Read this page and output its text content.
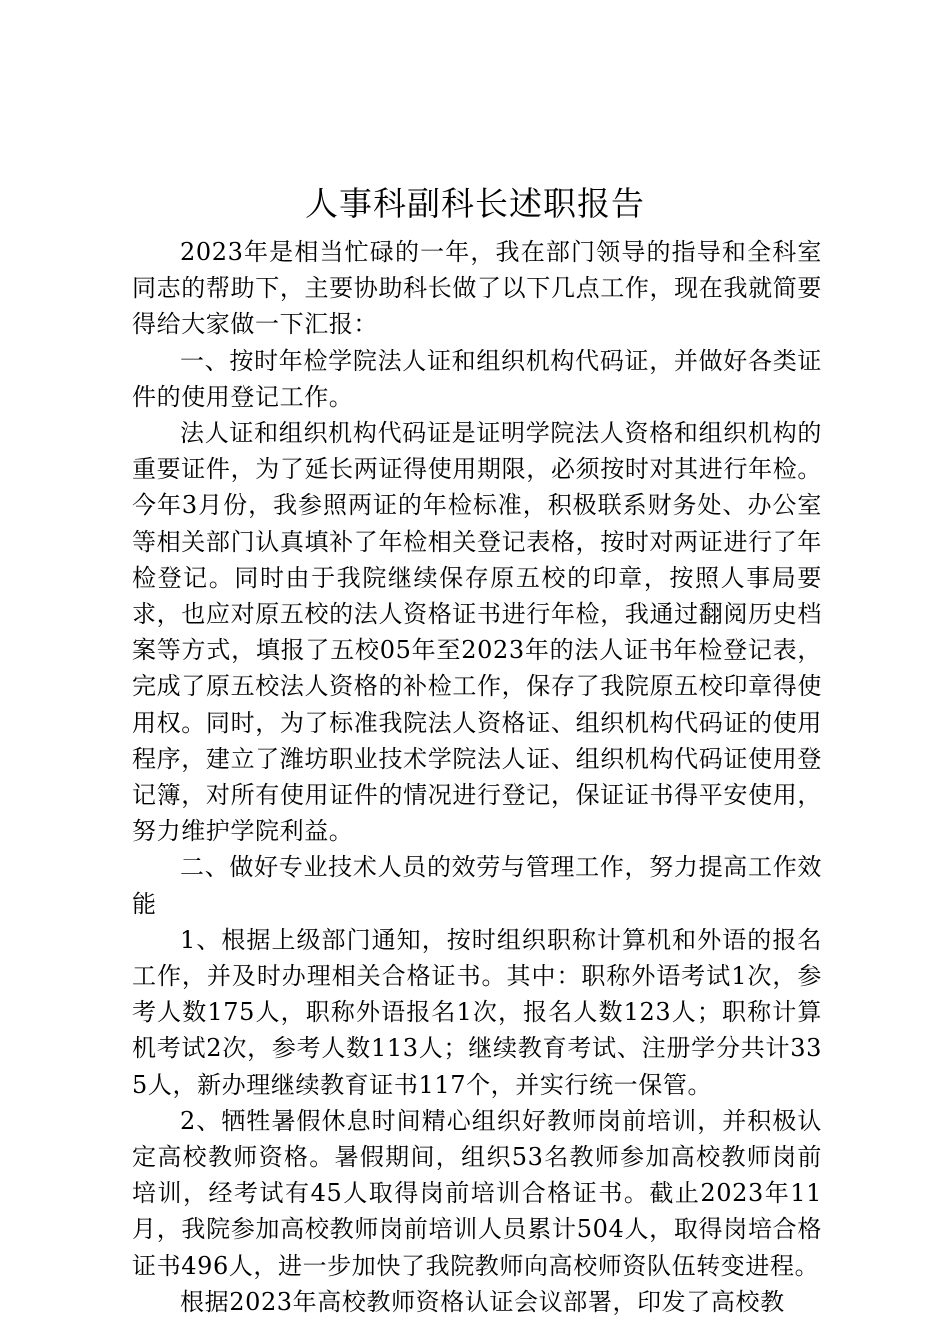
人事科副科长述职报告

2023年是相当忙碌的一年，我在部门领导的指导和全科室同志的帮助下，主要协助科长做了以下几点工作，现在我就简要得给大家做一下汇报：

一、按时年检学院法人证和组织机构代码证，并做好各类证件的使用登记工作。

法人证和组织机构代码证是证明学院法人资格和组织机构的重要证件，为了延长两证得使用期限，必须按时对其进行年检。今年3月份，我参照两证的年检标准，积极联系财务处、办公室等相关部门认真填补了年检相关登记表格，按时对两证进行了年检登记。同时由于我院继续保存原五校的印章，按照人事局要求，也应对原五校的法人资格证书进行年检，我通过翻阅历史档案等方式，填报了五校05年至2023年的法人证书年检登记表，完成了原五校法人资格的补检工作，保存了我院原五校印章得使用权。同时，为了标准我院法人资格证、组织机构代码证的使用程序，建立了潍坊职业技术学院法人证、组织机构代码证使用登记簿，对所有使用证件的情况进行登记，保证证书得平安使用，努力维护学院利益。

二、做好专业技术人员的效劳与管理工作，努力提高工作效能

1、根据上级部门通知，按时组织职称计算机和外语的报名工作，并及时办理相关合格证书。其中：职称外语考试1次，参考人数175人，职称外语报名1次，报名人数123人；职称计算机考试2次，参考人数113人；继续教育考试、注册学分共计335人，新办理继续教育证书117个，并实行统一保管。

2、牺牲暑假休息时间精心组织好教师岗前培训，并积极认定高校教师资格。暑假期间，组织53名教师参加高校教师岗前培训，经考试有45人取得岗前培训合格证书。截止2023年11月，我院参加高校教师岗前培训人员累计504人，取得岗培合格证书496人，进一步加快了我院教师向高校师资队伍转变进程。

根据2023年高校教师资格认证会议部署，印发了高校教
